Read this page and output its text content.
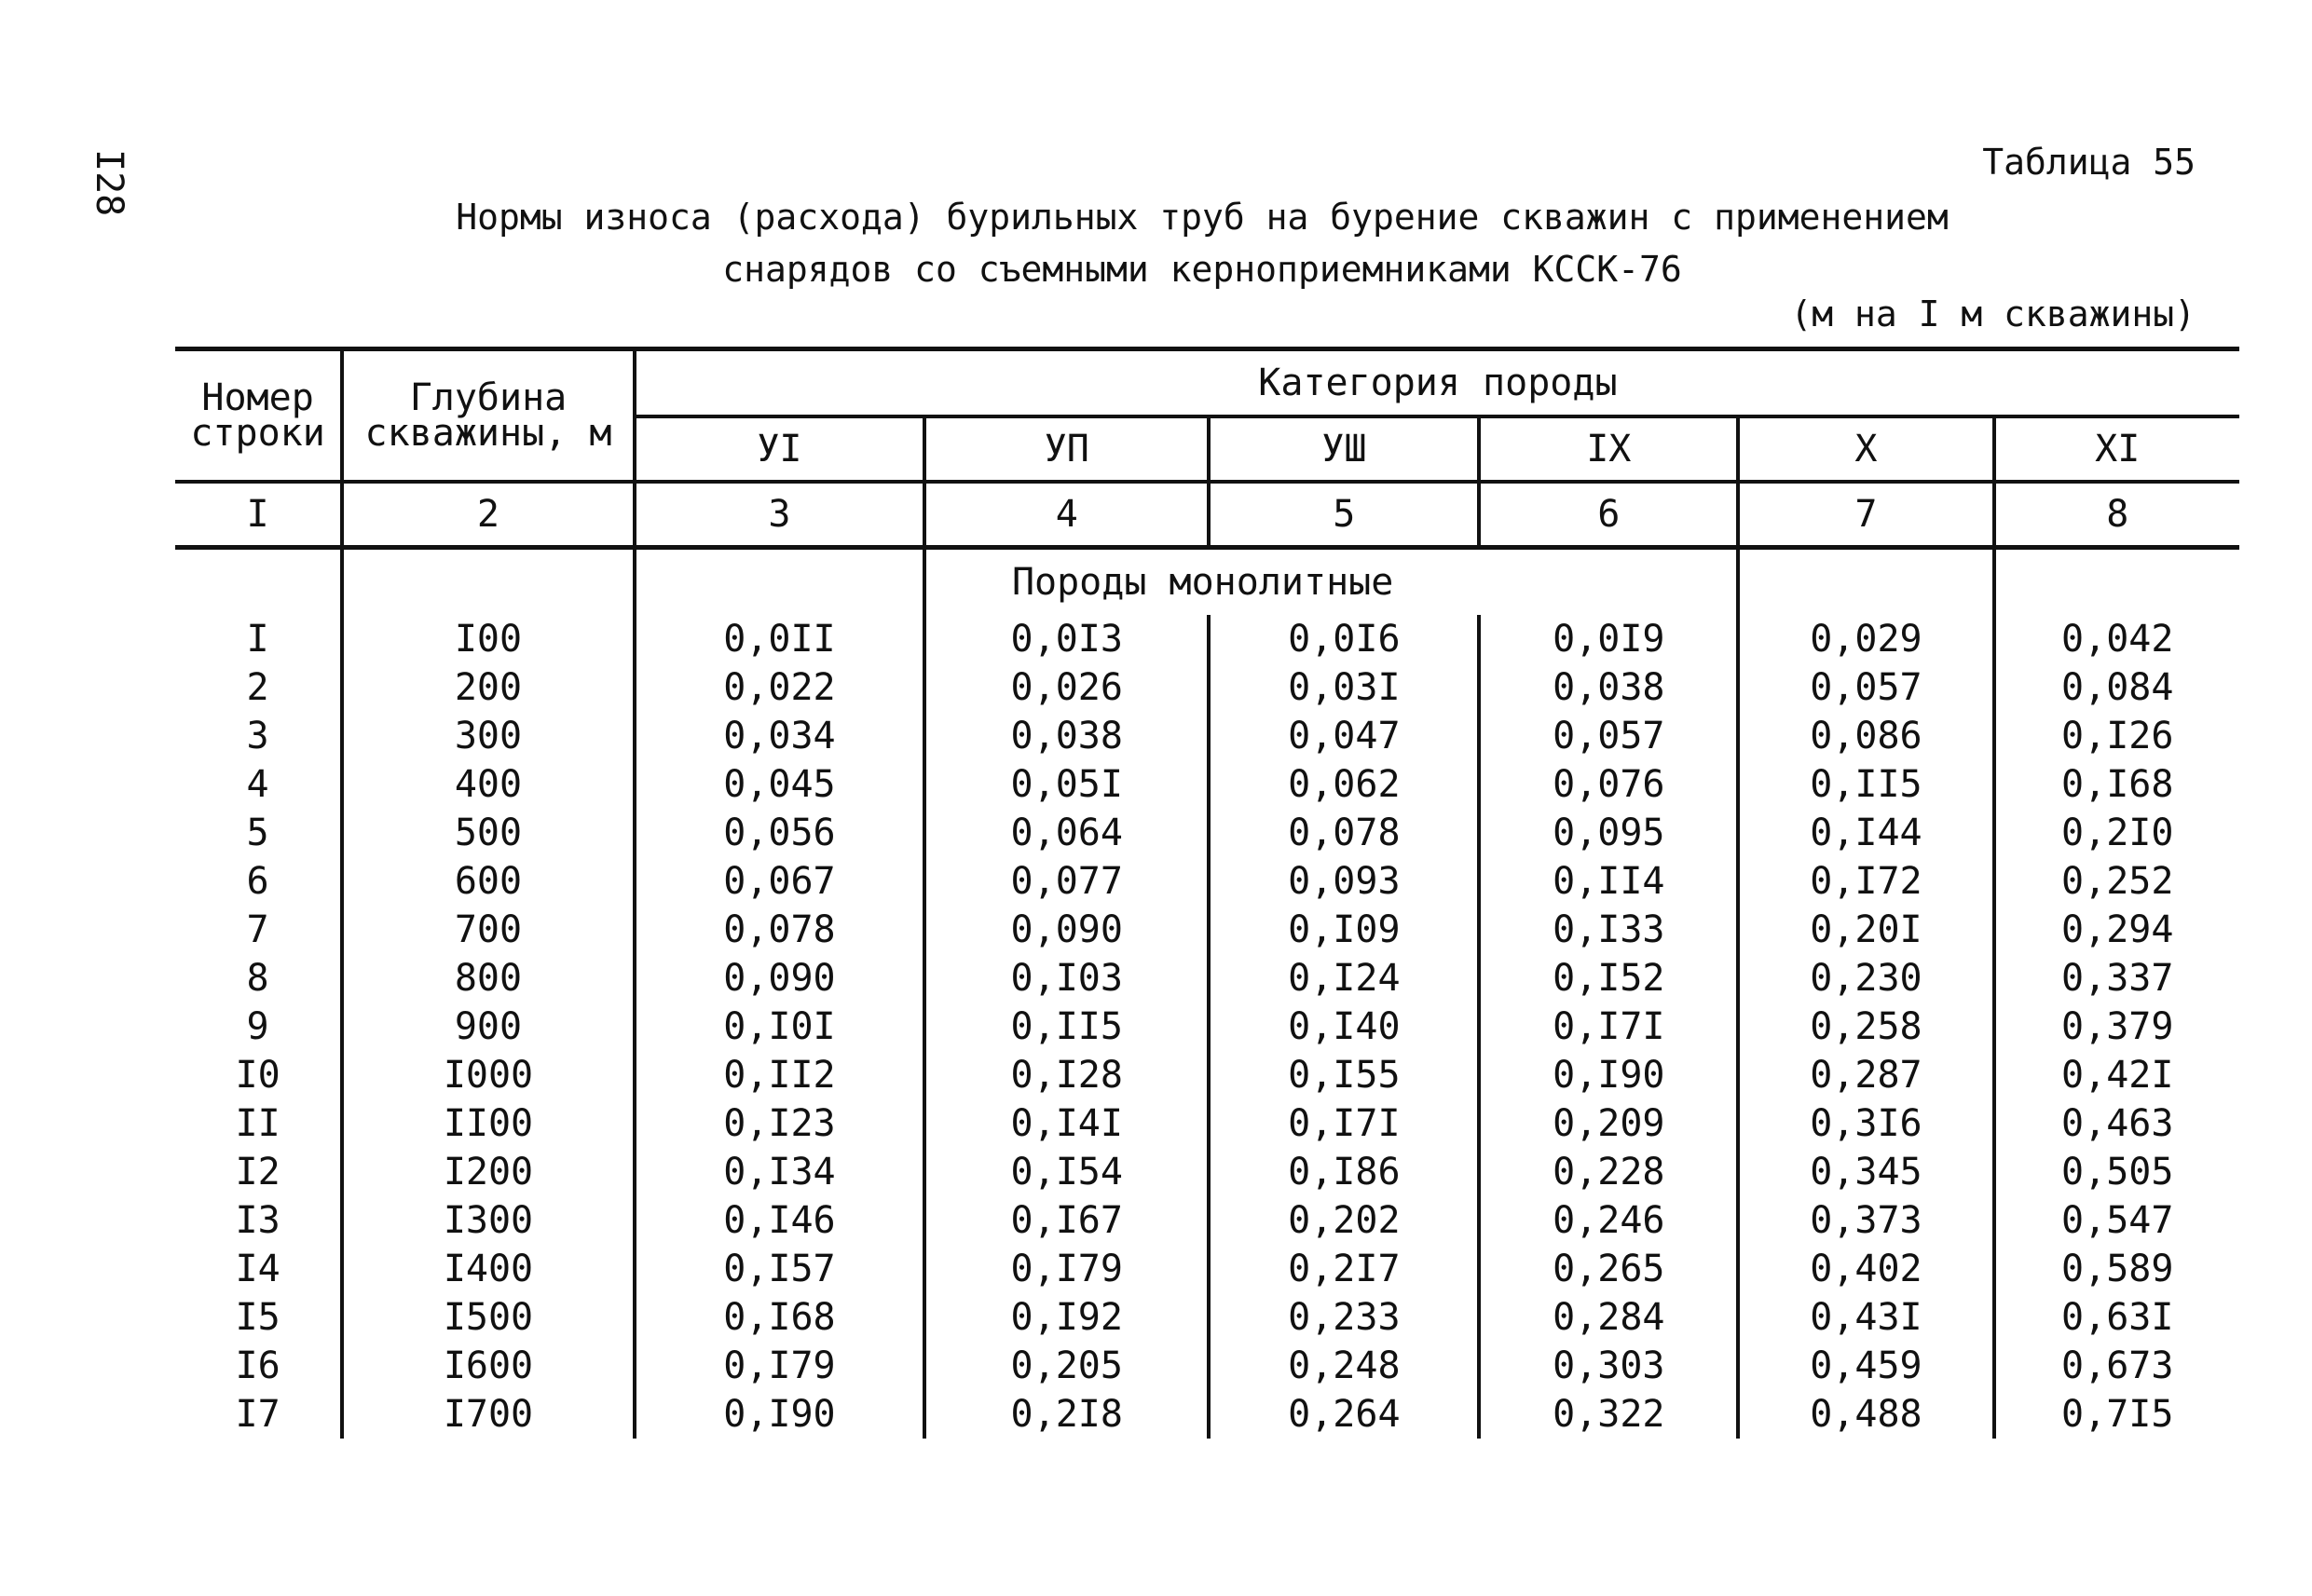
I28	Таблица 55
Нормы износа (расхода) бурильных труб на бурение скважин с применением
снарядов со съемными керноприемниками КССК-76
(м на I м скважины)
Номер строки	Глубина скважины, м	Категория породы					
		УI	УП	УШ	IX	X	XI
I	2	3	4	5	6	7	8
			Породы монолитные				
I	I00	0,0II	0,0I3	0,0I6	0,0I9	0,029	0,042
2	200	0,022	0,026	0,03I	0,038	0,057	0,084
3	300	0,034	0,038	0,047	0,057	0,086	0,I26
4	400	0,045	0,05I	0,062	0,076	0,II5	0,I68
5	500	0,056	0,064	0,078	0,095	0,I44	0,2I0
6	600	0,067	0,077	0,093	0,II4	0,I72	0,252
7	700	0,078	0,090	0,I09	0,I33	0,20I	0,294
8	800	0,090	0,I03	0,I24	0,I52	0,230	0,337
9	900	0,I0I	0,II5	0,I40	0,I7I	0,258	0,379
I0	I000	0,II2	0,I28	0,I55	0,I90	0,287	0,42I
II	II00	0,I23	0,I4I	0,I7I	0,209	0,3I6	0,463
I2	I200	0,I34	0,I54	0,I86	0,228	0,345	0,505
I3	I300	0,I46	0,I67	0,202	0,246	0,373	0,547
I4	I400	0,I57	0,I79	0,2I7	0,265	0,402	0,589
I5	I500	0,I68	0,I92	0,233	0,284	0,43I	0,63I
I6	I600	0,I79	0,205	0,248	0,303	0,459	0,673
I7	I700	0,I90	0,2I8	0,264	0,322	0,488	0,7I5
